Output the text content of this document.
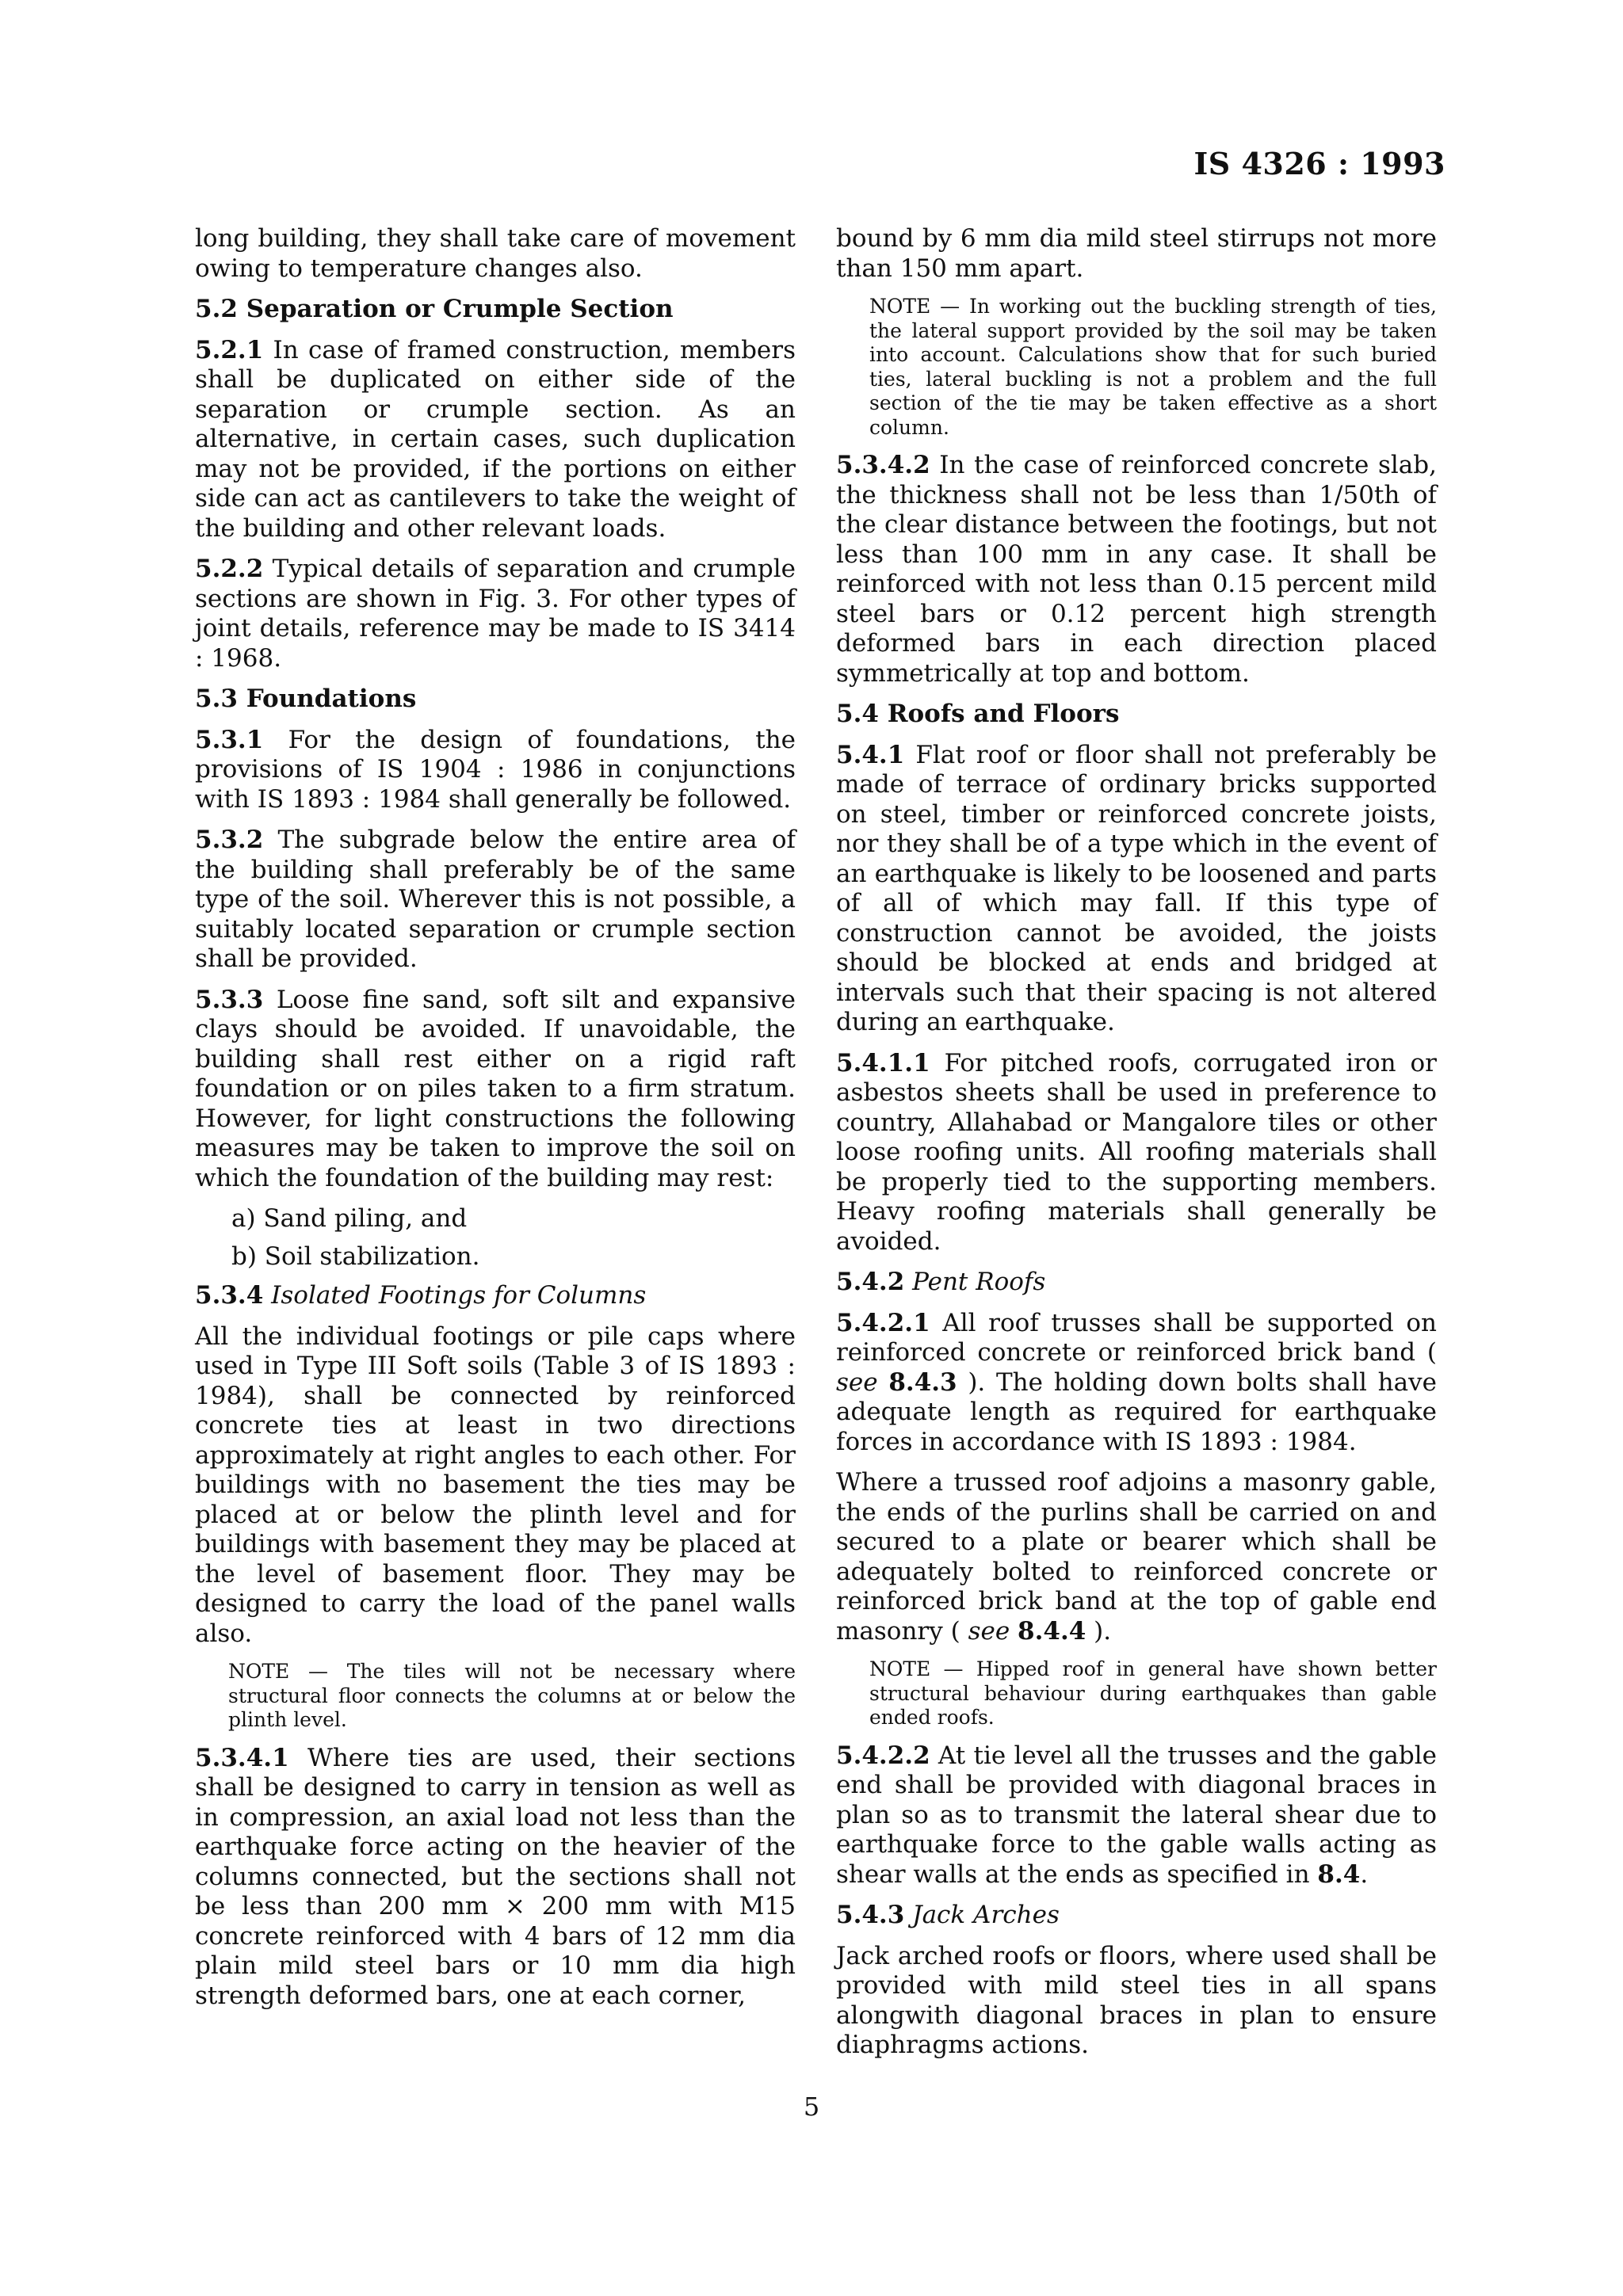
IS 4326 : 1993

long building, they shall take care of movement owing to temperature changes also.

5.2 Separation or Crumple Section

5.2.1 In case of framed construction, members shall be duplicated on either side of the separation or crumple section. As an alternative, in certain cases, such duplication may not be provided, if the portions on either side can act as cantilevers to take the weight of the building and other relevant loads.

5.2.2 Typical details of separation and crumple sections are shown in Fig. 3. For other types of joint details, reference may be made to IS 3414 : 1968.

5.3 Foundations

5.3.1 For the design of foundations, the provisions of IS 1904 : 1986 in conjunctions with IS 1893 : 1984 shall generally be followed.

5.3.2 The subgrade below the entire area of the building shall preferably be of the same type of the soil. Wherever this is not possible, a suitably located separation or crumple section shall be provided.

5.3.3 Loose fine sand, soft silt and expansive clays should be avoided. If unavoidable, the building shall rest either on a rigid raft foundation or on piles taken to a firm stratum. However, for light constructions the following measures may be taken to improve the soil on which the foundation of the building may rest:

a) Sand piling, and
b) Soil stabilization.

5.3.4 Isolated Footings for Columns

All the individual footings or pile caps where used in Type III Soft soils (Table 3 of IS 1893 : 1984), shall be connected by reinforced concrete ties at least in two directions approximately at right angles to each other. For buildings with no basement the ties may be placed at or below the plinth level and for buildings with basement they may be placed at the level of basement floor. They may be designed to carry the load of the panel walls also.

NOTE — The tiles will not be necessary where structural floor connects the columns at or below the plinth level.

5.3.4.1 Where ties are used, their sections shall be designed to carry in tension as well as in compression, an axial load not less than the earthquake force acting on the heavier of the columns connected, but the sections shall not be less than 200 mm × 200 mm with M15 concrete reinforced with 4 bars of 12 mm dia plain mild steel bars or 10 mm dia high strength deformed bars, one at each corner,

bound by 6 mm dia mild steel stirrups not more than 150 mm apart.

NOTE — In working out the buckling strength of ties, the lateral support provided by the soil may be taken into account. Calculations show that for such buried ties, lateral buckling is not a problem and the full section of the tie may be taken effective as a short column.

5.3.4.2 In the case of reinforced concrete slab, the thickness shall not be less than 1/50th of the clear distance between the footings, but not less than 100 mm in any case. It shall be reinforced with not less than 0.15 percent mild steel bars or 0.12 percent high strength deformed bars in each direction placed symmetrically at top and bottom.

5.4 Roofs and Floors

5.4.1 Flat roof or floor shall not preferably be made of terrace of ordinary bricks supported on steel, timber or reinforced concrete joists, nor they shall be of a type which in the event of an earthquake is likely to be loosened and parts of all of which may fall. If this type of construction cannot be avoided, the joists should be blocked at ends and bridged at intervals such that their spacing is not altered during an earthquake.

5.4.1.1 For pitched roofs, corrugated iron or asbestos sheets shall be used in preference to country, Allahabad or Mangalore tiles or other loose roofing units. All roofing materials shall be properly tied to the supporting members. Heavy roofing materials shall generally be avoided.

5.4.2 Pent Roofs

5.4.2.1 All roof trusses shall be supported on reinforced concrete or reinforced brick band ( see 8.4.3 ). The holding down bolts shall have adequate length as required for earthquake forces in accordance with IS 1893 : 1984.

Where a trussed roof adjoins a masonry gable, the ends of the purlins shall be carried on and secured to a plate or bearer which shall be adequately bolted to reinforced concrete or reinforced brick band at the top of gable end masonry ( see 8.4.4 ).

NOTE — Hipped roof in general have shown better structural behaviour during earthquakes than gable ended roofs.

5.4.2.2 At tie level all the trusses and the gable end shall be provided with diagonal braces in plan so as to transmit the lateral shear due to earthquake force to the gable walls acting as shear walls at the ends as specified in 8.4.

5.4.3 Jack Arches

Jack arched roofs or floors, where used shall be provided with mild steel ties in all spans alongwith diagonal braces in plan to ensure diaphragms actions.

5
